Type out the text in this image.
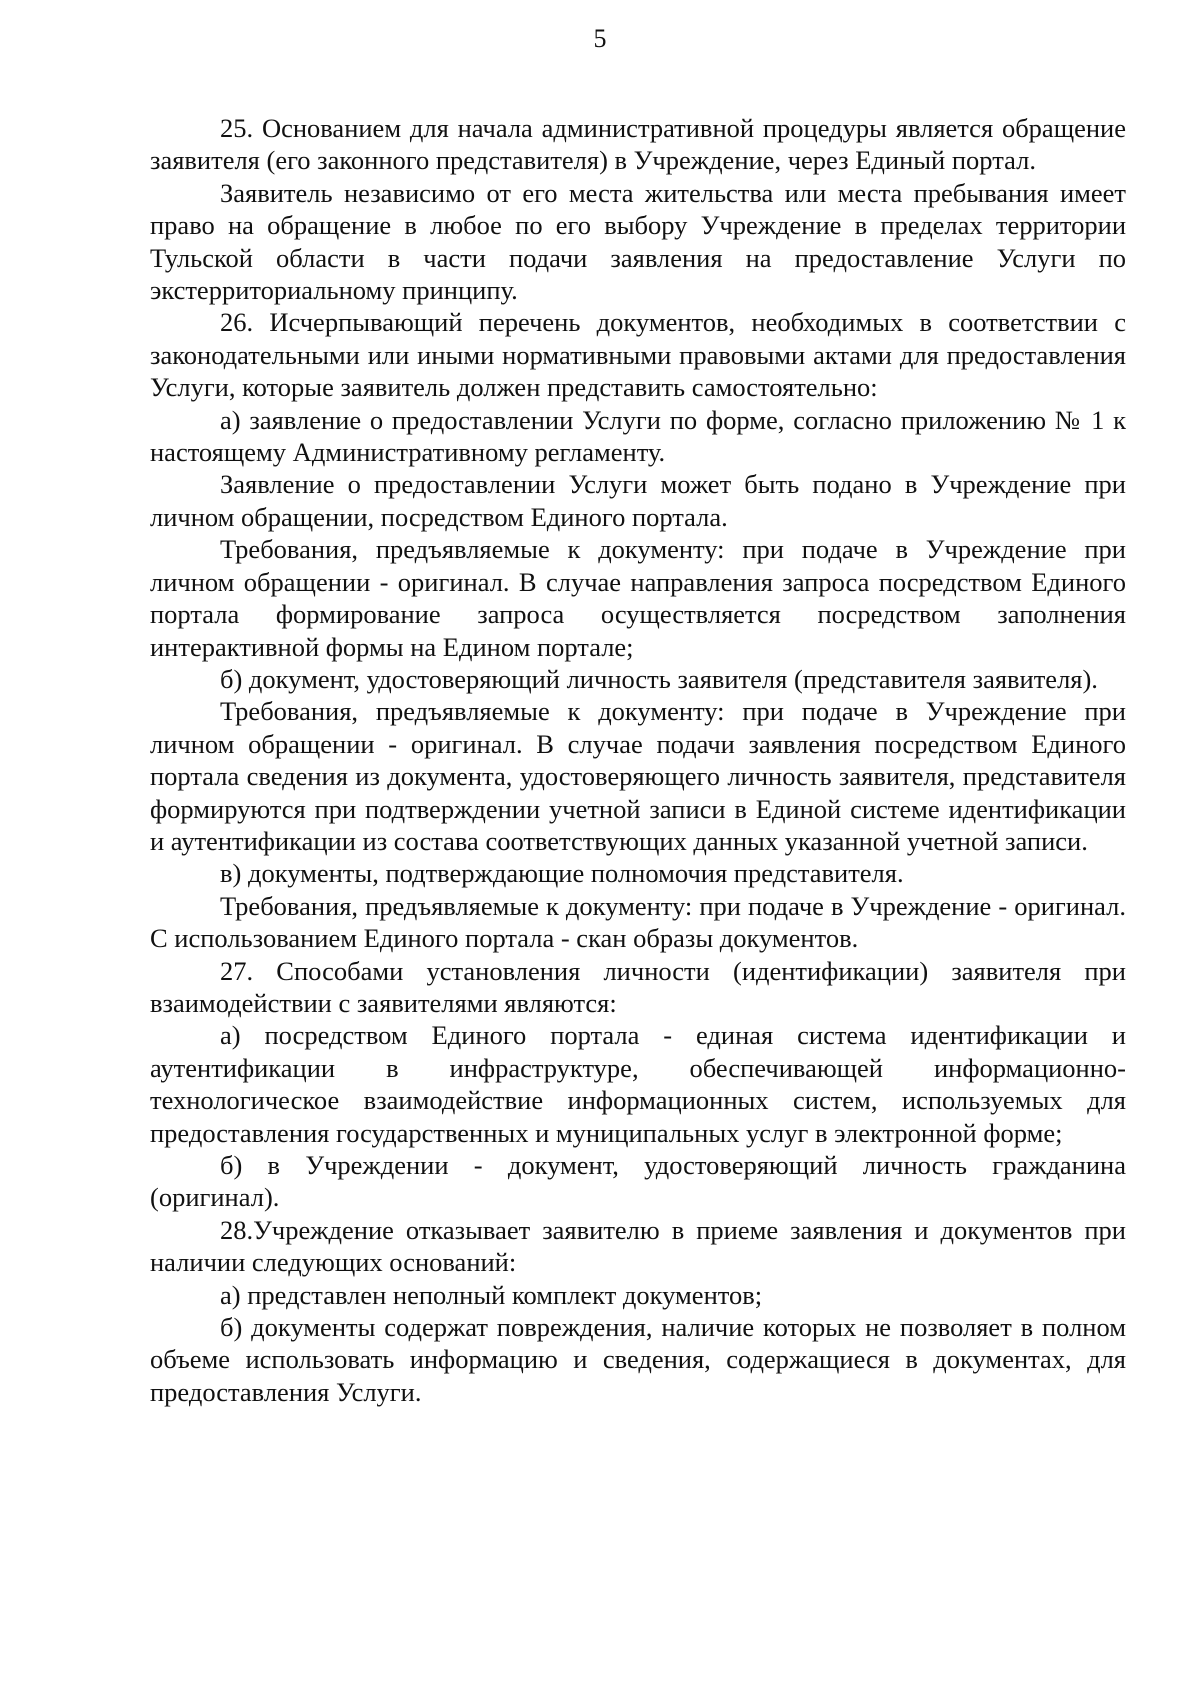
5

25. Основанием для начала административной процедуры является обращение заявителя (его законного представителя) в Учреждение, через Единый портал.

Заявитель независимо от его места жительства или места пребывания имеет право на обращение в любое по его выбору Учреждение в пределах территории Тульской области в части подачи заявления на предоставление Услуги по экстерриториальному принципу.

26. Исчерпывающий перечень документов, необходимых в соответствии с законодательными или иными нормативными правовыми актами для предоставления Услуги, которые заявитель должен представить самостоятельно:

а) заявление о предоставлении Услуги по форме, согласно приложению № 1 к настоящему Административному регламенту.

Заявление о предоставлении Услуги может быть подано в Учреждение при личном обращении, посредством Единого портала.

Требования, предъявляемые к документу: при подаче в Учреждение при личном обращении - оригинал. В случае направления запроса посредством Единого портала формирование запроса осуществляется посредством заполнения интерактивной формы на Едином портале;

б) документ, удостоверяющий личность заявителя (представителя заявителя).

Требования, предъявляемые к документу: при подаче в Учреждение при личном обращении - оригинал. В случае подачи заявления посредством Единого портала сведения из документа, удостоверяющего личность заявителя, представителя формируются при подтверждении учетной записи в Единой системе идентификации и аутентификации из состава соответствующих данных указанной учетной записи.

в) документы, подтверждающие полномочия представителя.

Требования, предъявляемые к документу: при подаче в Учреждение - оригинал. С использованием Единого портала - скан образы документов.

27. Способами установления личности (идентификации) заявителя при взаимодействии с заявителями являются:

а) посредством Единого портала - единая система идентификации и аутентификации в инфраструктуре, обеспечивающей информационно-технологическое взаимодействие информационных систем, используемых для предоставления государственных и муниципальных услуг в электронной форме;

б) в Учреждении - документ, удостоверяющий личность гражданина (оригинал).

28.Учреждение отказывает заявителю в приеме заявления и документов при наличии следующих оснований:

а) представлен неполный комплект документов;

б) документы содержат повреждения, наличие которых не позволяет в полном объеме использовать информацию и сведения, содержащиеся в документах, для предоставления Услуги.
